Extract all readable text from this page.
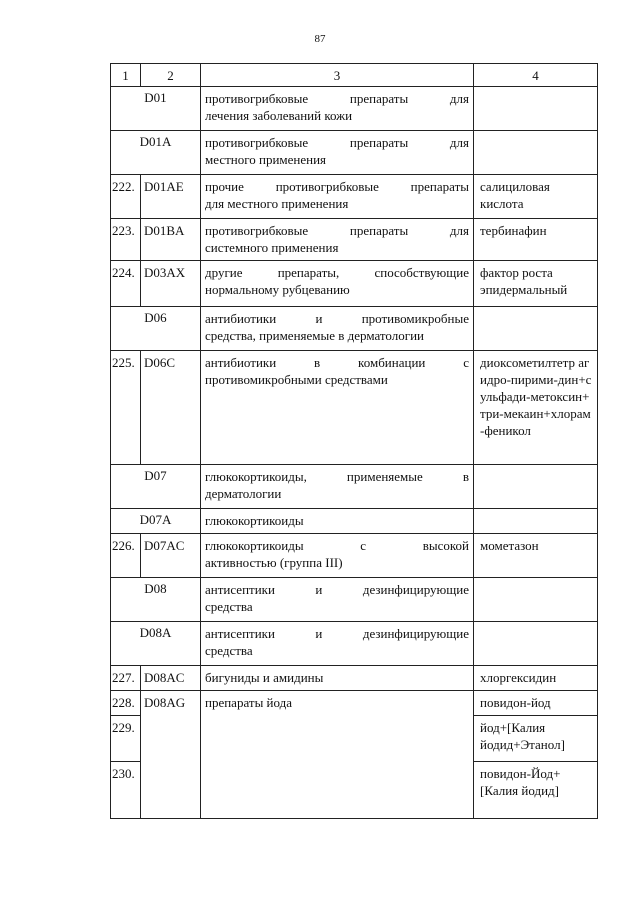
87
1	2	3	4
D01		противогрибковые препараты для
лечения заболеваний кожи	

D01A		противогрибковые препараты для
местного применения	

222.	D01AE	прочие противогрибковые препараты
для местного применения	салициловая кислота
223.	D01BA	противогрибковые препараты для
системного применения	тербинафин
224.	D03AX	другие препараты, способствующие
нормальному рубцеванию	фактор роста эпидермальный
D06		антибиотики и противомикробные
средства, применяемые в дерматологии	

225.	D06C	антибиотики в комбинации с
противомикробными средствами	диоксометилтетр агидро-пирими-дин+сульфади-метоксин+три-мекаин+хлорам-феникол
D07		глюкокортикоиды, применяемые в
дерматологии	

D07A		глюкокортикоиды	

226.	D07AC	глюкокортикоиды с высокой
активностью (группа III)	мометазон
D08		антисептики и дезинфицирующие
средства	

D08A		антисептики и дезинфицирующие
средства	

227.	D08AC	бигуниды и амидины	хлоргексидин
228.	D08AG	препараты йода	повидон-йод
229.			йод+[Калия йодид+Этанол]
230.			повидон-Йод+[Калия йодид]
